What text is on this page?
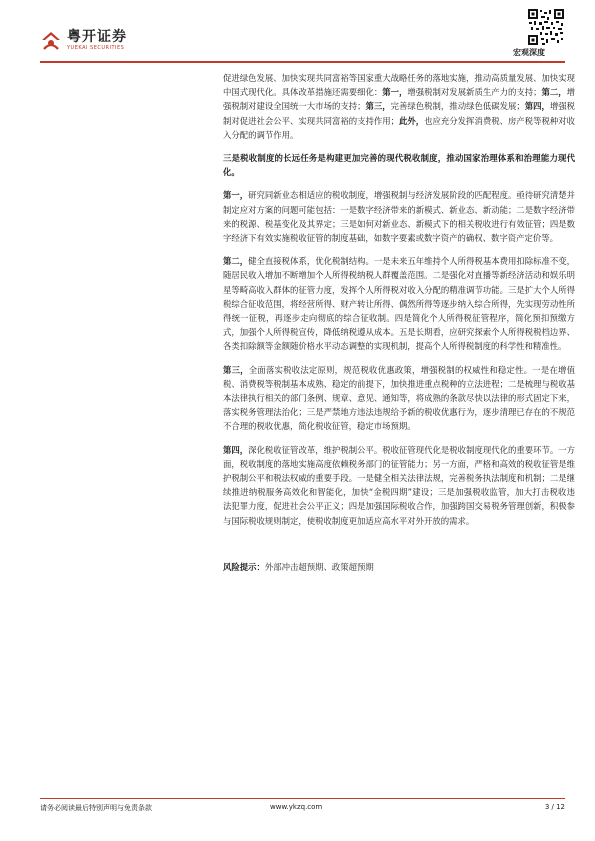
粤开证券
YUEKAI SECURITIES	宏观深度

促进绿色发展、加快实现共同富裕等国家重大战略任务的落地实施，推动高质量发展、加快实现中国式现代化。具体改革措施还需要细化：第一，增强税制对发展新质生产力的支持；第二，增强税制对建设全国统一大市场的支持；第三，完善绿色税制，推动绿色低碳发展；第四，增强税制对促进社会公平、实现共同富裕的支持作用；此外，也应充分发挥消费税、房产税等税种对收入分配的调节作用。

三是税收制度的长远任务是构建更加完善的现代税收制度，推动国家治理体系和治理能力现代化。

第一，研究同新业态相适应的税收制度，增强税制与经济发展阶段的匹配程度。亟待研究清楚并制定应对方案的问题可能包括：一是数字经济带来的新模式、新业态、新动能；二是数字经济带来的税源、税基变化及其界定；三是如何对新业态、新模式下的相关税收进行有效征管；四是数字经济下有效实施税收征管的制度基础，如数字要素或数字资产的确权、数字资产定价等。

第二，健全直接税体系，优化税制结构。一是未来五年维持个人所得税基本费用扣除标准不变，随居民收入增加不断增加个人所得税纳税人群覆盖范围。二是强化对直播等新经济活动和娱乐明星等畸高收入群体的征管力度，发挥个人所得税对收入分配的精准调节功能。三是扩大个人所得税综合征收范围，将经营所得、财产转让所得、偶然所得等逐步纳入综合所得，先实现劳动性所得统一征税，再逐步走向彻底的综合征收制。四是简化个人所得税征管程序，简化预扣预缴方式，加强个人所得税宣传，降低纳税遵从成本。五是长期看，应研究探索个人所得税税档边界、各类扣除额等金额随价格水平动态调整的实现机制，提高个人所得税制度的科学性和精准性。

第三，全面落实税收法定原则，规范税收优惠政策，增强税制的权威性和稳定性。一是在增值税、消费税等税制基本成熟、稳定的前提下，加快推进重点税种的立法进程；二是梳理与税收基本法律执行相关的部门条例、规章、意见、通知等，将成熟的条款尽快以法律的形式固定下来，落实税务管理法治化；三是严禁地方违法违规给予新的税收优惠行为，逐步清理已存在的不规范不合理的税收优惠，简化税收征管，稳定市场预期。

第四，深化税收征管改革，维护税制公平。税收征管现代化是税收制度现代化的重要环节。一方面，税收制度的落地实施高度依赖税务部门的征管能力；另一方面，严格和高效的税收征管是维护税制公平和税法权威的重要手段。一是健全相关法律法规，完善税务执法制度和机制；二是继续推进纳税服务高效化和智能化，加快“金税四期”建设；三是加强税收监管，加大打击税收违法犯罪力度，促进社会公平正义；四是加强国际税收合作，加强跨国交易税务管理创新，积极参与国际税收规则制定，使税收制度更加适应高水平对外开放的需求。

风险提示：外部冲击超预期、政策超预期

请务必阅读最后特别声明与免责条款	www.ykzq.com	3 / 12
